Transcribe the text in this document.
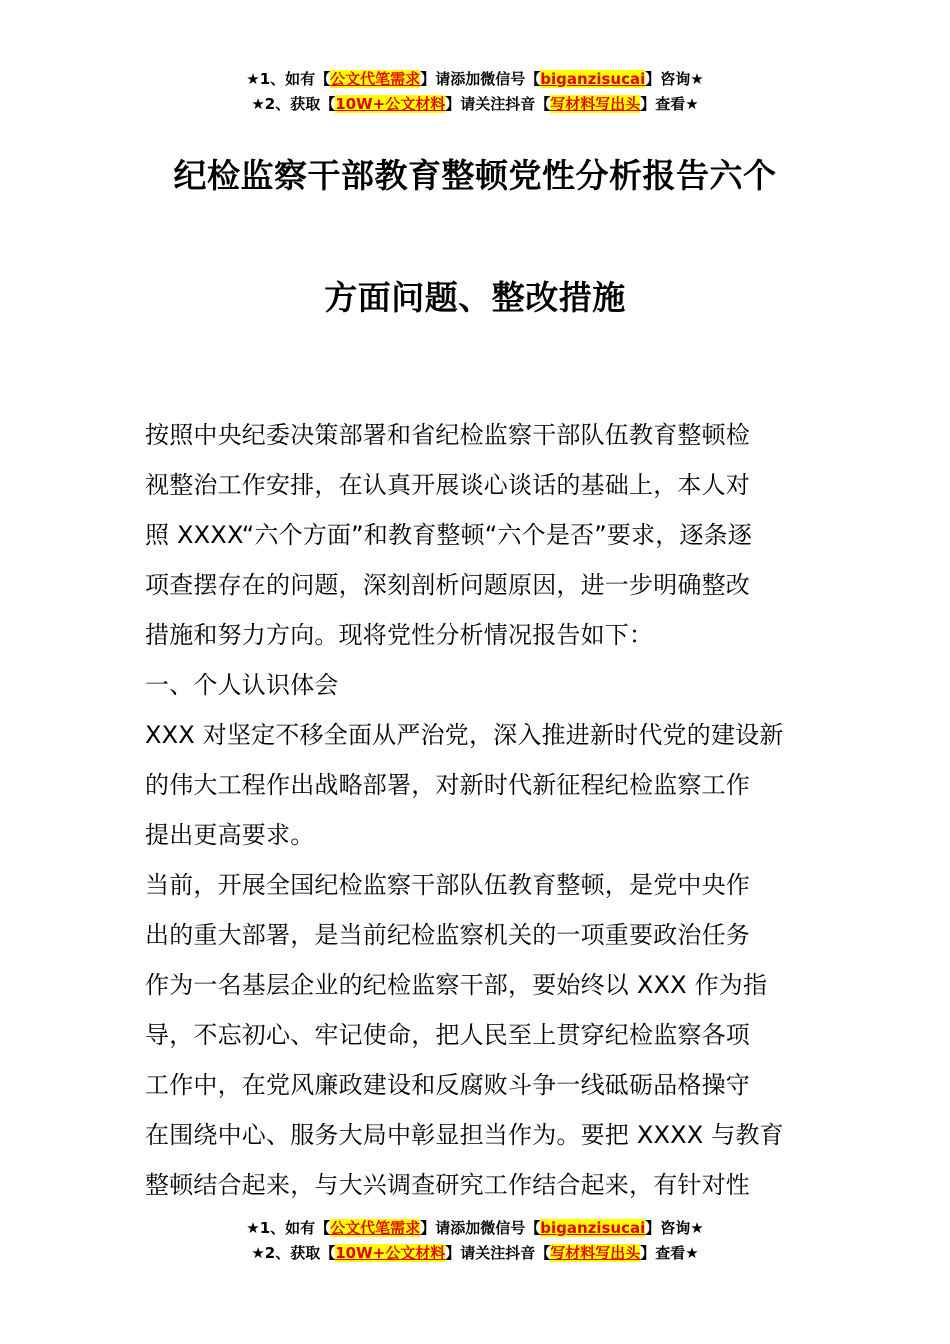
★1、如有【公文代笔需求】请添加微信号【biganzisucai】咨询★
★2、获取【10W+公文材料】请关注抖音【写材料写出头】查看★
纪检监察干部教育整顿党性分析报告六个
方面问题、整改措施
按照中央纪委决策部署和省纪检监察干部队伍教育整顿检
视整治工作安排，在认真开展谈心谈话的基础上，本人对
照 XXXX“六个方面”和教育整顿“六个是否”要求，逐条逐
项查摆存在的问题，深刻剖析问题原因，进一步明确整改
措施和努力方向。现将党性分析情况报告如下：
一、个人认识体会
XXX 对坚定不移全面从严治党，深入推进新时代党的建设新
的伟大工程作出战略部署，对新时代新征程纪检监察工作
提出更高要求。
当前，开展全国纪检监察干部队伍教育整顿，是党中央作
出的重大部署，是当前纪检监察机关的一项重要政治任务
作为一名基层企业的纪检监察干部，要始终以 XXX 作为指
导，不忘初心、牢记使命，把人民至上贯穿纪检监察各项
工作中，在党风廉政建设和反腐败斗争一线砥砺品格操守
在围绕中心、服务大局中彰显担当作为。要把 XXXX 与教育
整顿结合起来，与大兴调查研究工作结合起来，有针对性
★1、如有【公文代笔需求】请添加微信号【biganzisucai】咨询★
★2、获取【10W+公文材料】请关注抖音【写材料写出头】查看★
